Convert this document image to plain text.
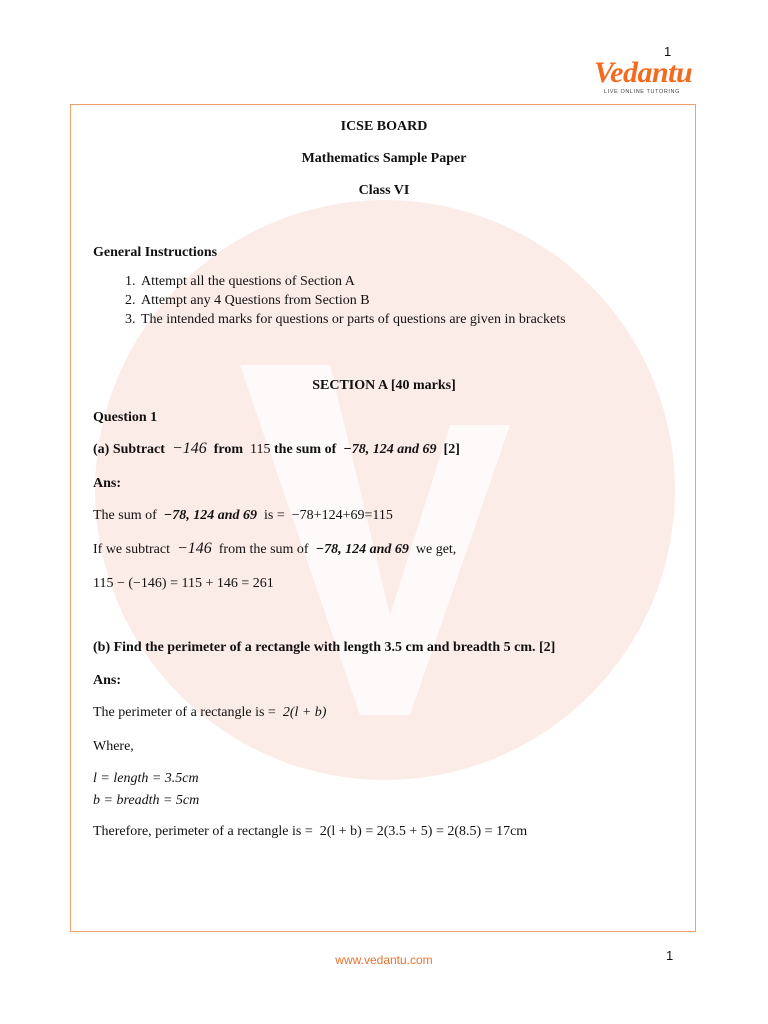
1
Vedantu
LIVE ONLINE TUTORING
ICSE BOARD
Mathematics Sample Paper
Class VI
General Instructions
1. Attempt all the questions of Section A
2. Attempt any 4 Questions from Section B
3. The intended marks for questions or parts of questions are given in brackets
SECTION A [40 marks]
Question 1
(a) Subtract −146 from 115 the sum of −78, 124 and 69 [2]
Ans:
The sum of −78, 124 and 69 is = −78+124+69=115
If we subtract −146 from the sum of −78, 124 and 69 we get,
115 − (−146) = 115 + 146 = 261
(b) Find the perimeter of a rectangle with length 3.5 cm and breadth 5 cm. [2]
Ans:
The perimeter of a rectangle is = 2(l + b)
Where,
l = length = 3.5cm
b = breadth = 5cm
Therefore, perimeter of a rectangle is = 2(l + b) = 2(3.5 + 5) = 2(8.5) = 17cm
www.vedantu.com	1
